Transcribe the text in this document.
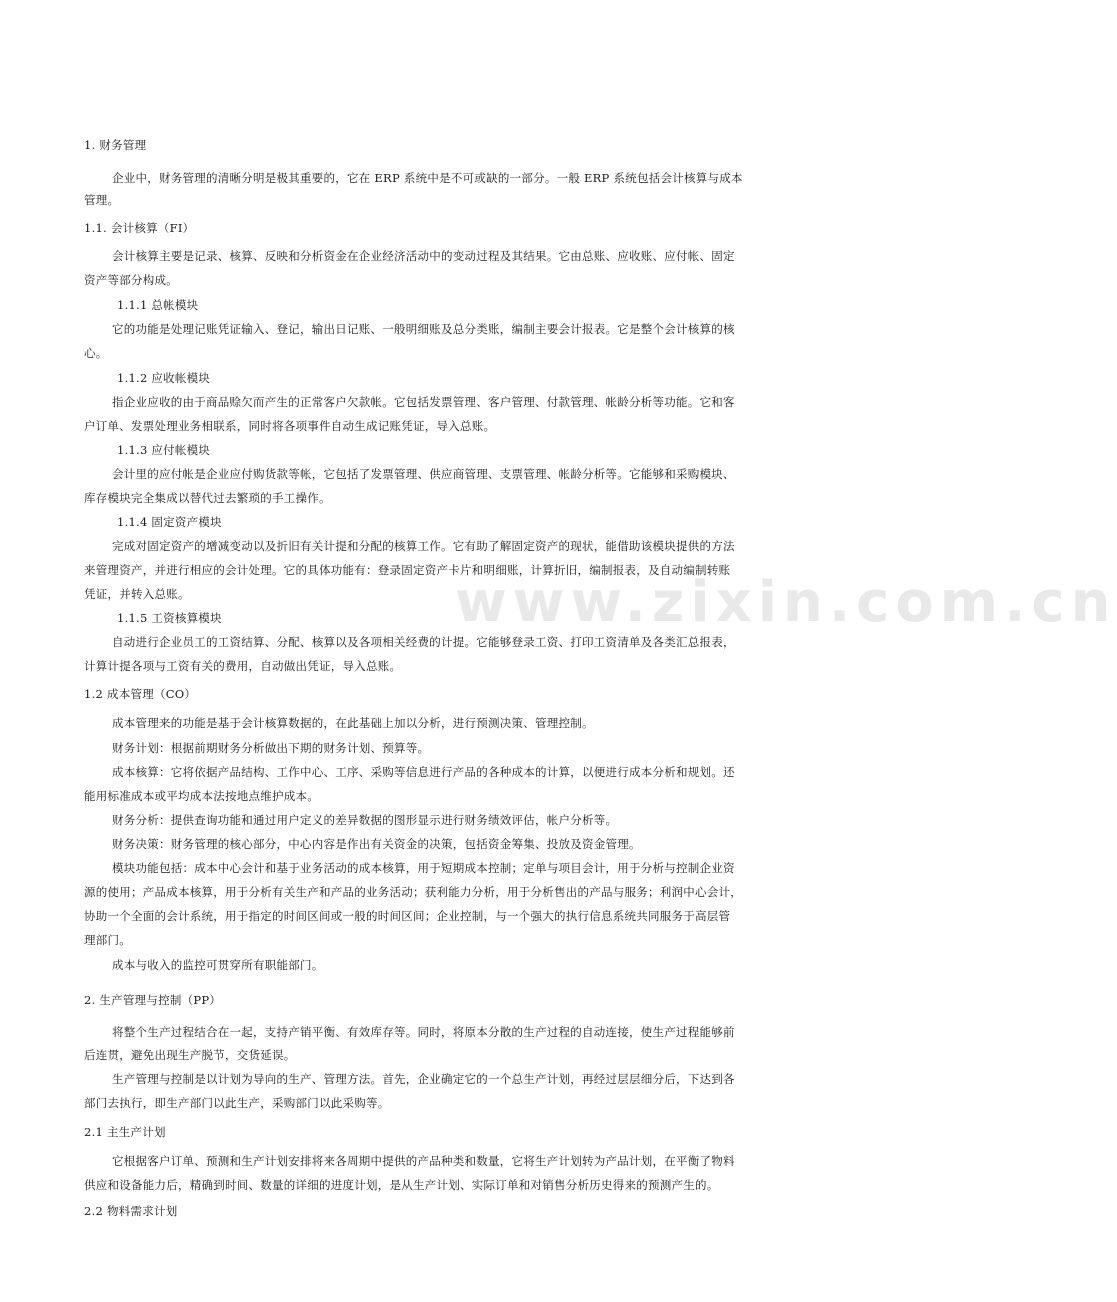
www.zixin.com.cn

1. 财务管理

企业中，财务管理的清晰分明是极其重要的，它在 ERP 系统中是不可或缺的一部分。一般 ERP 系统包括会计核算与成本

管理。

1.1. 会计核算（FI）

会计核算主要是记录、核算、反映和分析资金在企业经济活动中的变动过程及其结果。它由总账、应收账、应付帐、固定

资产等部分构成。

1.1.1 总帐模块

它的功能是处理记账凭证输入、登记，输出日记账、一般明细账及总分类账，编制主要会计报表。它是整个会计核算的核

心。

1.1.2 应收帐模块

指企业应收的由于商品赊欠而产生的正常客户欠款帐。它包括发票管理、客户管理、付款管理、帐龄分析等功能。它和客

户订单、发票处理业务相联系，同时将各项事件自动生成记账凭证，导入总账。

1.1.3 应付帐模块

会计里的应付帐是企业应付购货款等帐，它包括了发票管理、供应商管理、支票管理、帐龄分析等。它能够和采购模块、

库存模块完全集成以替代过去繁琐的手工操作。

1.1.4 固定资产模块

完成对固定资产的增减变动以及折旧有关计提和分配的核算工作。它有助了解固定资产的现状，能借助该模块提供的方法

来管理资产，并进行相应的会计处理。它的具体功能有：登录固定资产卡片和明细账，计算折旧，编制报表，及自动编制转账

凭证，并转入总账。

1.1.5 工资核算模块

自动进行企业员工的工资结算、分配、核算以及各项相关经费的计提。它能够登录工资、打印工资清单及各类汇总报表，

计算计提各项与工资有关的费用，自动做出凭证，导入总账。

1.2 成本管理（CO）

成本管理来的功能是基于会计核算数据的，在此基础上加以分析，进行预测决策、管理控制。

财务计划：根据前期财务分析做出下期的财务计划、预算等。

成本核算：它将依据产品结构、工作中心、工序、采购等信息进行产品的各种成本的计算，以便进行成本分析和规划。还

能用标准成本或平均成本法按地点维护成本。

财务分析：提供查询功能和通过用户定义的差异数据的图形显示进行财务绩效评估，帐户分析等。

财务决策：财务管理的核心部分，中心内容是作出有关资金的决策，包括资金筹集、投放及资金管理。

模块功能包括：成本中心会计和基于业务活动的成本核算，用于短期成本控制；定单与项目会计，用于分析与控制企业资

源的使用；产品成本核算，用于分析有关生产和产品的业务活动；获利能力分析，用于分析售出的产品与服务；利润中心会计，

协助一个全面的会计系统，用于指定的时间区间或一般的时间区间；企业控制，与一个强大的执行信息系统共同服务于高层管

理部门。

成本与收入的监控可贯穿所有职能部门。

2. 生产管理与控制（PP）

将整个生产过程结合在一起，支持产销平衡、有效库存等。同时，将原本分散的生产过程的自动连接，使生产过程能够前

后连贯，避免出现生产脱节，交货延误。

生产管理与控制是以计划为导向的生产、管理方法。首先，企业确定它的一个总生产计划，再经过层层细分后，下达到各

部门去执行，即生产部门以此生产，采购部门以此采购等。

2.1 主生产计划

它根据客户订单、预测和生产计划安排将来各周期中提供的产品种类和数量，它将生产计划转为产品计划，在平衡了物料

供应和设备能力后，精确到时间、数量的详细的进度计划，是从生产计划、实际订单和对销售分析历史得来的预测产生的。

2.2 物料需求计划
